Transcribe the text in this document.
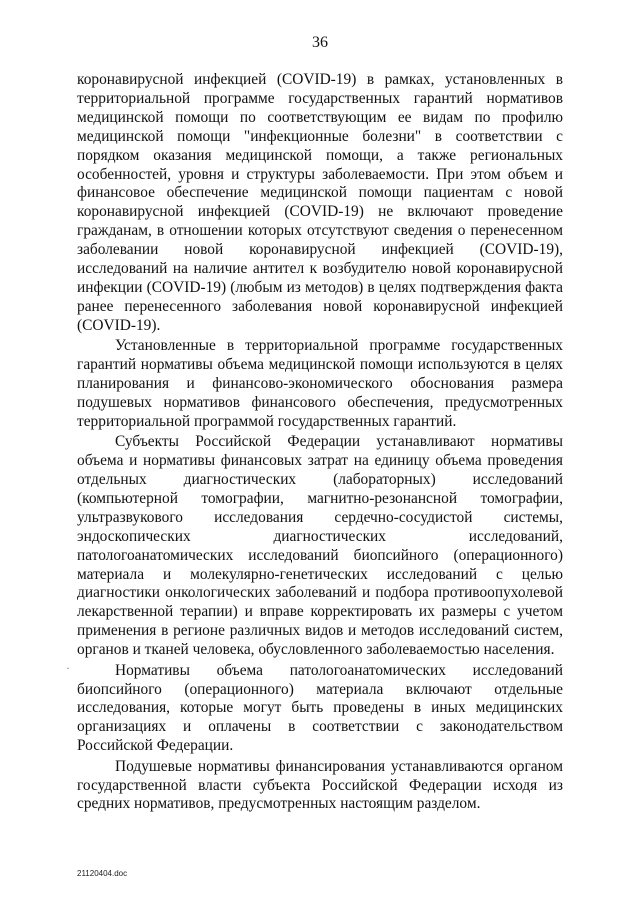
36

коронавирусной инфекцией (COVID-19) в рамках, установленных в территориальной программе государственных гарантий нормативов медицинской помощи по соответствующим ее видам по профилю медицинской помощи "инфекционные болезни" в соответствии с порядком оказания медицинской помощи, а также региональных особенностей, уровня и структуры заболеваемости. При этом объем и финансовое обеспечение медицинской помощи пациентам с новой коронавирусной инфекцией (COVID-19) не включают проведение гражданам, в отношении которых отсутствуют сведения о перенесенном заболевании новой коронавирусной инфекцией (COVID-19), исследований на наличие антител к возбудителю новой коронавирусной инфекции (COVID-19) (любым из методов) в целях подтверждения факта ранее перенесенного заболевания новой коронавирусной инфекцией (COVID-19).

Установленные в территориальной программе государственных гарантий нормативы объема медицинской помощи используются в целях планирования и финансово-экономического обоснования размера подушевых нормативов финансового обеспечения, предусмотренных территориальной программой государственных гарантий.

Субъекты Российской Федерации устанавливают нормативы объема и нормативы финансовых затрат на единицу объема проведения отдельных диагностических (лабораторных) исследований (компьютерной томографии, магнитно-резонансной томографии, ультразвукового исследования сердечно-сосудистой системы, эндоскопических диагностических исследований, патологоанатомических исследований биопсийного (операционного) материала и молекулярно-генетических исследований с целью диагностики онкологических заболеваний и подбора противоопухолевой лекарственной терапии) и вправе корректировать их размеры с учетом применения в регионе различных видов и методов исследований систем, органов и тканей человека, обусловленного заболеваемостью населения.

Нормативы объема патологоанатомических исследований биопсийного (операционного) материала включают отдельные исследования, которые могут быть проведены в иных медицинских организациях и оплачены в соответствии с законодательством Российской Федерации.

Подушевые нормативы финансирования устанавливаются органом государственной власти субъекта Российской Федерации исходя из средних нормативов, предусмотренных настоящим разделом.

·
21120404.doc
